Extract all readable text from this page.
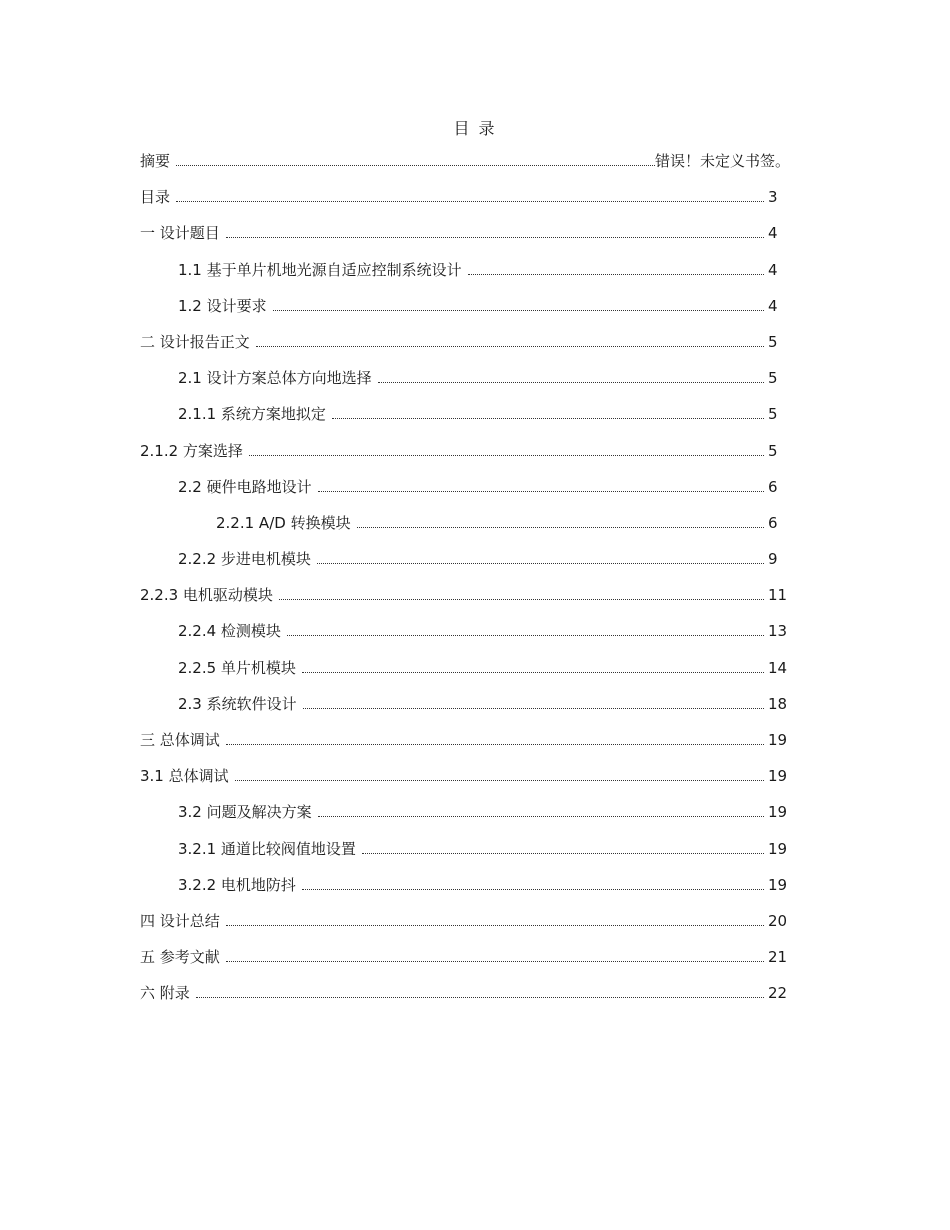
目 录
摘要	错误！未定义书签。
目录	3
一 设计题目	4
1.1 基于单片机地光源自适应控制系统设计	4
1.2 设计要求	4
二 设计报告正文	5
2.1 设计方案总体方向地选择	5
2.1.1 系统方案地拟定	5
2.1.2 方案选择	5
2.2 硬件电路地设计	6
2.2.1 A/D 转换模块	6
2.2.2 步进电机模块	9
2.2.3 电机驱动模块	11
2.2.4 检测模块	13
2.2.5 单片机模块	14
2.3 系统软件设计	18
三 总体调试	19
3.1 总体调试	19
3.2 问题及解决方案	19
3.2.1 通道比较阀值地设置	19
3.2.2 电机地防抖	19
四 设计总结	20
五 参考文献	21
六 附录	22
